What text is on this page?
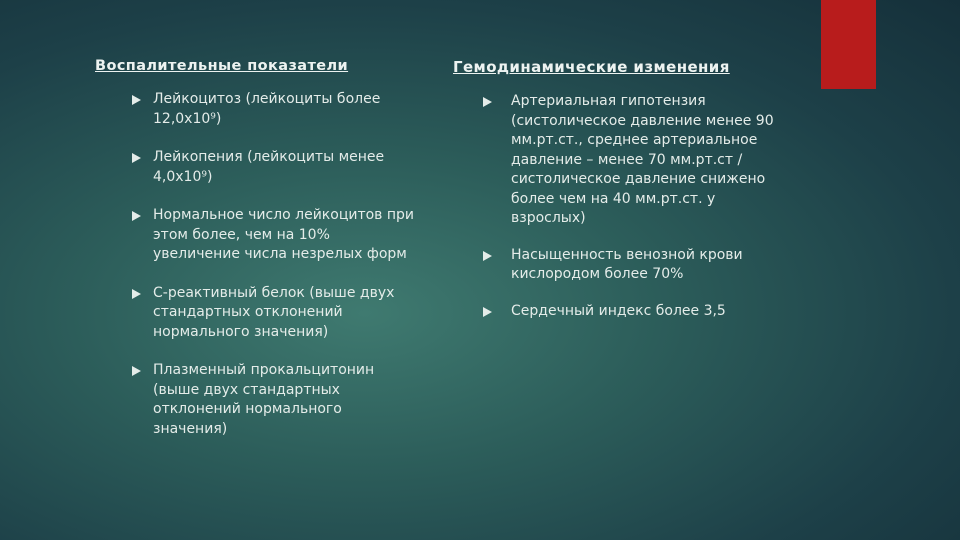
Воспалительные показатели
Лейкоцитоз (лейкоциты более 12,0x10⁹)
Лейкопения (лейкоциты менее 4,0x10⁹)
Нормальное число лейкоцитов при этом более, чем на 10% увеличение числа незрелых форм
С-реактивный белок (выше двух стандартных отклонений нормального значения)
Плазменный прокальцитонин (выше двух стандартных отклонений нормального значения)
Гемодинамические изменения
Артериальная гипотензия (систолическое давление менее 90 мм.рт.ст., среднее артериальное давление – менее 70 мм.рт.ст / систолическое давление снижено более чем на 40 мм.рт.ст. у взрослых)
Насыщенность венозной крови кислородом более 70%
Сердечный индекс более 3,5
